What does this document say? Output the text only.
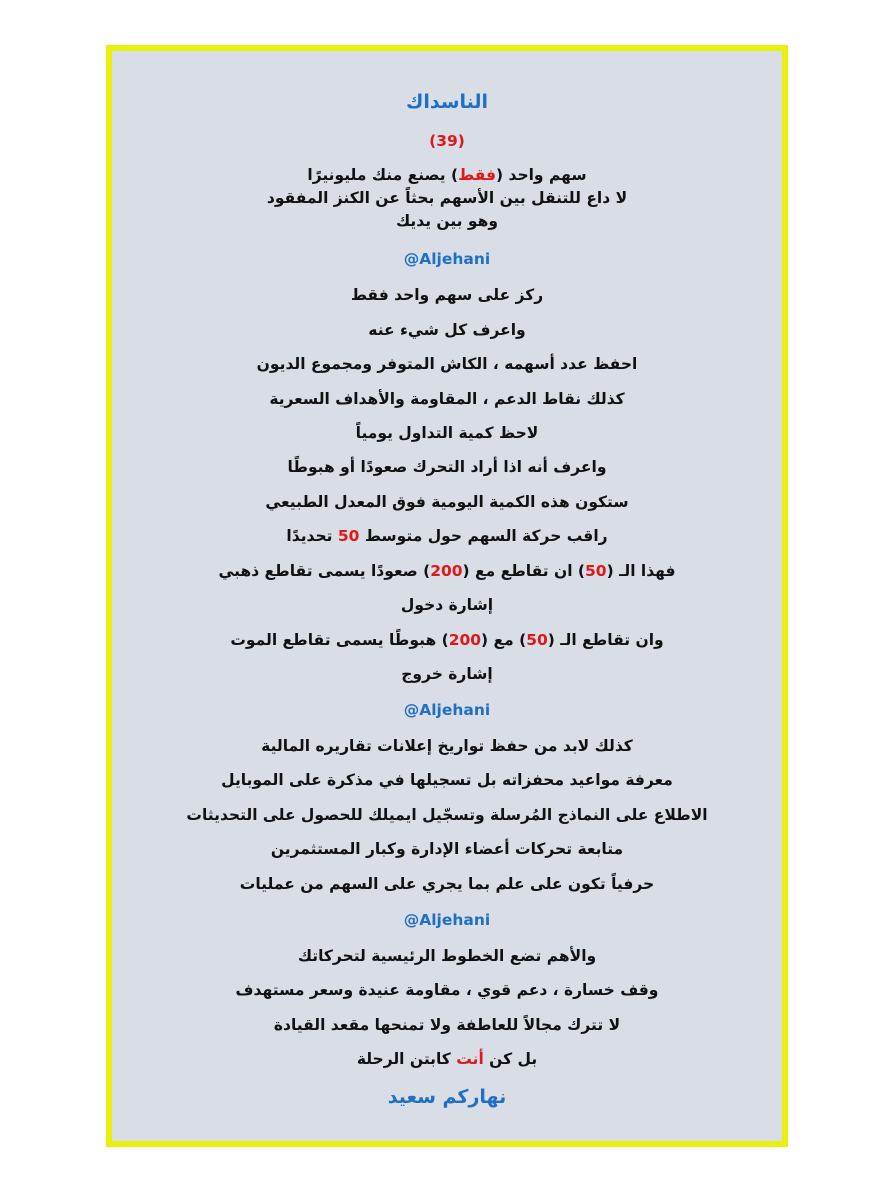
الناسداك
(39)
سهم واحد (فقط) يصنع منك مليونيرًا
لا داع للتنقل بين الأسهم بحثاً عن الكنز المفقود
وهو بين يديك
@Aljehani
ركز على سهم واحد فقط
واعرف كل شيء عنه
احفظ عدد أسهمه ، الكاش المتوفر ومجموع الديون
كذلك نقاط الدعم ، المقاومة والأهداف السعرية
لاحظ كمية التداول يومياً
واعرف أنه اذا أراد التحرك صعودًا أو هبوطًا
ستكون هذه الكمية اليومية فوق المعدل الطبيعي
راقب حركة السهم حول متوسط 50 تحديدًا
فهذا الـ (50) ان تقاطع مع (200) صعودًا يسمى تقاطع ذهبي
إشارة دخول
وان تقاطع الـ (50) مع (200) هبوطًا يسمى تقاطع الموت
إشارة خروج
@Aljehani
كذلك لابد من حفظ تواريخ إعلانات تقاريره المالية
معرفة مواعيد محفزاته بل تسجيلها في مذكرة على الموبايل
الاطلاع على النماذج المُرسلة وتسجّيل ايميلك للحصول على التحديثات
متابعة تحركات أعضاء الإدارة وكبار المستثمرين
حرفياً تكون على علم بما يجري على السهم من عمليات
@Aljehani
والأهم تضع الخطوط الرئيسية لتحركاتك
وقف خسارة ، دعم قوي ، مقاومة عنيدة وسعر مستهدف
لا تترك مجالاً للعاطفة ولا تمنحها مقعد القيادة
بل كن أنت كابتن الرحلة
نهاركم سعيد
